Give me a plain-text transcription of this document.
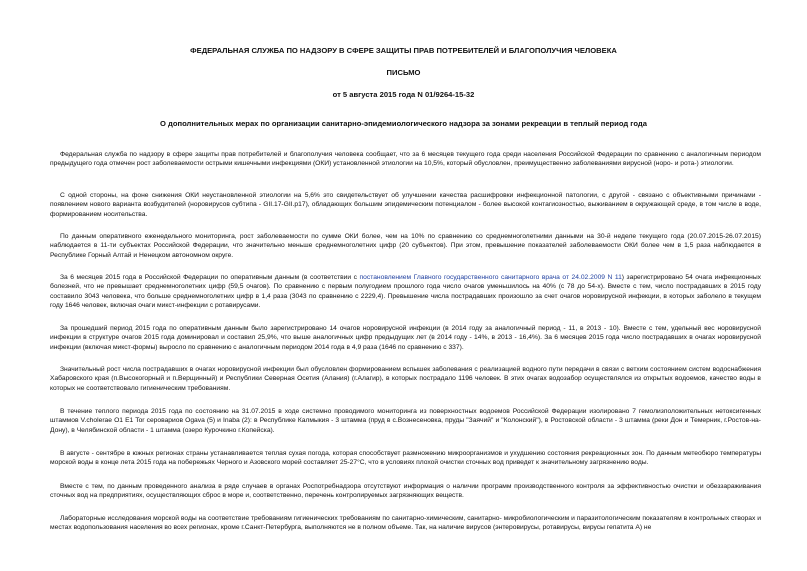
ФЕДЕРАЛЬНАЯ СЛУЖБА ПО НАДЗОРУ В СФЕРЕ ЗАЩИТЫ ПРАВ ПОТРЕБИТЕЛЕЙ И БЛАГОПОЛУЧИЯ ЧЕЛОВЕКА
ПИСЬМО
от 5 августа 2015 года N 01/9264-15-32
О дополнительных мерах по организации санитарно-эпидемиологического надзора за зонами рекреации в теплый период года

Федеральная служба по надзору в сфере защиты прав потребителей и благополучия человека сообщает, что за 6 месяцев текущего года среди населения Российской Федерации по сравнению с аналогичным периодом предыдущего года отмечен рост заболеваемости острыми кишечными инфекциями (ОКИ) установленной этиологии на 10,5%, который обусловлен, преимущественно заболеваниями вирусной (норо- и рота-) этиологии.

С одной стороны, на фоне снижения ОКИ неустановленной этиологии на 5,6% это свидетельствует об улучшении качества расшифровки инфекционной патологии, с другой - связано с объективными причинами - появлением нового варианта возбудителей (норовирусов субтипа - GII.17-GII.p17), обладающих большим эпидемическим потенциалом - более высокой контагиозностью, выживанием в окружающей среде, в том числе в воде, формированием носительства.

По данным оперативного еженедельного мониторинга, рост заболеваемости по сумме ОКИ более, чем на 10% по сравнению со среднемноголетними данными на 30-й неделе текущего года (20.07.2015-26.07.2015) наблюдается в 11-ти субъектах Российской Федерации, что значительно меньше среднемноголетних цифр (20 субъектов). При этом, превышение показателей заболеваемости ОКИ более чем в 1,5 раза наблюдается в Республике Горный Алтай и Ненецком автономном округе.

За 6 месяцев 2015 года в Российской Федерации по оперативным данным (в соответствии с постановлением Главного государственного санитарного врача от 24.02.2009 N 11) зарегистрировано 54 очага инфекционных болезней, что не превышает среднемноголетних цифр (59,5 очагов). По сравнению с первым полугодием прошлого года число очагов уменьшилось на 40% (с 78 до 54-х). Вместе с тем, число пострадавших в 2015 году составило 3043 человека, что больше среднемноголетних цифр в 1,4 раза (3043 по сравнению с 2229,4). Превышение числа пострадавших произошло за счет очагов норовирусной инфекции, в которых заболело в текущем году 1646 человек, включая очаги микст-инфекции с ротавирусами.

За прошедший период 2015 года по оперативным данным было зарегистрировано 14 очагов норовирусной инфекции (в 2014 году за аналогичный период - 11, в 2013 - 10). Вместе с тем, удельный вес норовирусной инфекции в структуре очагов 2015 года доминировал и составил 25,9%, что выше аналогичных цифр предыдущих лет (в 2014 году - 14%, в 2013 - 16,4%). За 6 месяцев 2015 года число пострадавших в очагах норовирусной инфекции (включая микст-формы) выросло по сравнению с аналогичным периодом 2014 года в 4,9 раза (1646 по сравнению с 337).

Значительный рост числа пострадавших в очагах норовирусной инфекции был обусловлен формированием вспышек заболевания с реализацией водного пути передачи в связи с ветхим состоянием систем водоснабжения Хабаровского края (п.Высокогорный и п.Верщинный) и Республики Северная Осетия (Алания) (г.Алагир), в которых пострадало 1196 человек. В этих очагах водозабор осуществлялся из открытых водоемов, качество воды в которых не соответствовало гигиеническим требованиям.

В течение теплого периода 2015 года по состоянию на 31.07.2015 в ходе системно проводимого мониторинга из поверхностных водоемов Российской Федерации изолировано 7 гемолизположительных нетоксигенных штаммов V.cholerae O1 E1 Tor серовариов Ogava (5) и Inaba (2): в Республике Калмыкия - 3 штамма (пруд в с.Вознесеновка, пруды "Заячий" и "Колонский"), в Ростовской области - 3 штамма (реки Дон и Темерник, г.Ростов-на-Дону), в Челябинской области - 1 штамма (озеро Курочкино г.Копейска).

В августе - сентябре в южных регионах страны устанавливается теплая сухая погода, которая способствует размножению микроорганизмов и ухудшению состояния рекреационных зон. По данным метеобюро температуры морской воды в конце лета 2015 года на побережьях Черного и Азовского морей составляет 25-27°С, что в условиях плохой очистки сточных вод приведет к значительному загрязнению воды.

Вместе с тем, по данным проведенного анализа в ряде случаев в органах Роспотребнадзора отсутствуют информация о наличии программ производственного контроля за эффективностью очистки и обеззараживания сточных вод на предприятиях, осуществляющих сброс в море и, соответственно, перечень контролируемых загрязняющих веществ.

Лабораторные исследования морской воды на соответствие требованиям гигиенических требованиям по санитарно-химическим, санитарно- микробиологическим и паразитологическим показателям в контрольных створах и местах водопользования населения во всех регионах, кроме г.Санкт-Петербурга, выполняются не в полном объеме. Так, на наличие вирусов (энтеровирусы, ротавирусы, вирусы гепатита А) не
